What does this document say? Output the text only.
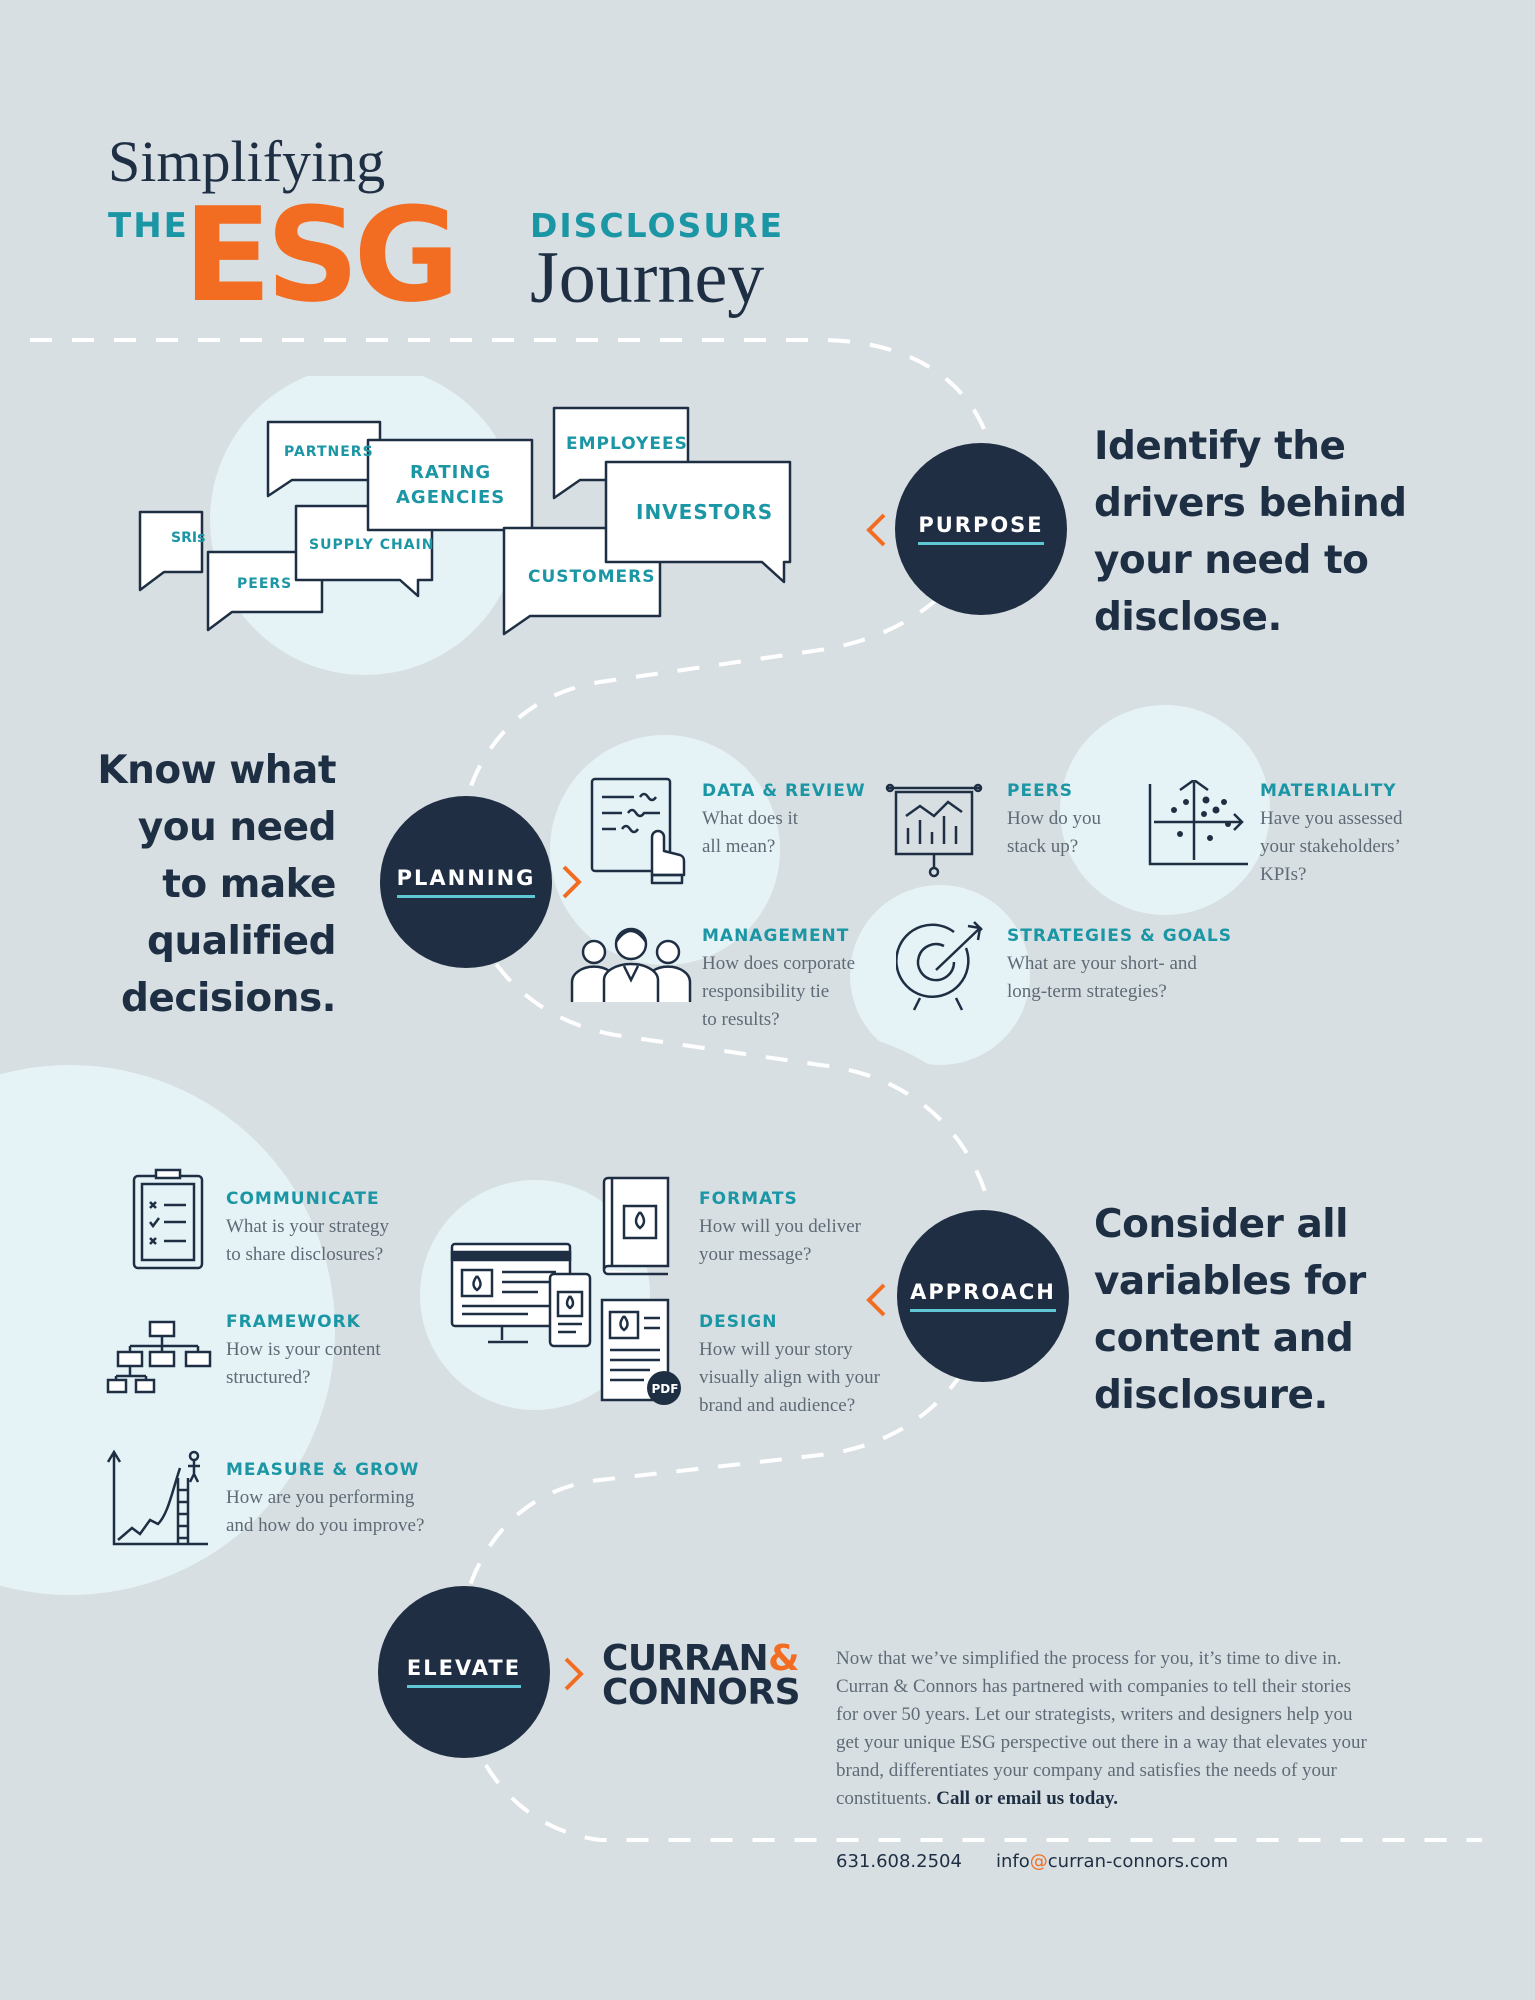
Simplifying
THE
ESG DISCLOSURE
Journey
PARTNERS
RATING
AGENCIES
EMPLOYEES
INVESTORS
SRIs	SUPPLY CHAIN
PEERS	CUSTOMERS
PURPOSE
Identify the
drivers behind
your need to
disclose.
Know what
you need
to make
qualified
decisions.
PLANNING
DATA & REVIEW
What does it
all mean?
PEERS
How do you
stack up?
MATERIALITY
Have you assessed
your stakeholders’
KPIs?
MANAGEMENT
How does corporate
responsibility tie
to results?
STRATEGIES & GOALS
What are your short- and
long-term strategies?
PDF
COMMUNICATE
What is your strategy
to share disclosures?
FRAMEWORK
How is your content
structured?
MEASURE & GROW
How are you performing
and how do you improve?
FORMATS
How will you deliver
your message?
DESIGN
How will your story
visually align with your
brand and audience?
APPROACH
Consider all
variables for
content and
disclosure.
ELEVATE CURRAN&
CONNORS
Now that we’ve simplified the process for you, it’s time to dive in.
Curran & Connors has partnered with companies to tell their stories
for over 50 years. Let our strategists, writers and designers help you
get your unique ESG perspective out there in a way that elevates your
brand, differentiates your company and satisfies the needs of your
constituents. Call or email us today.
631.608.2504 info@curran-connors.com
